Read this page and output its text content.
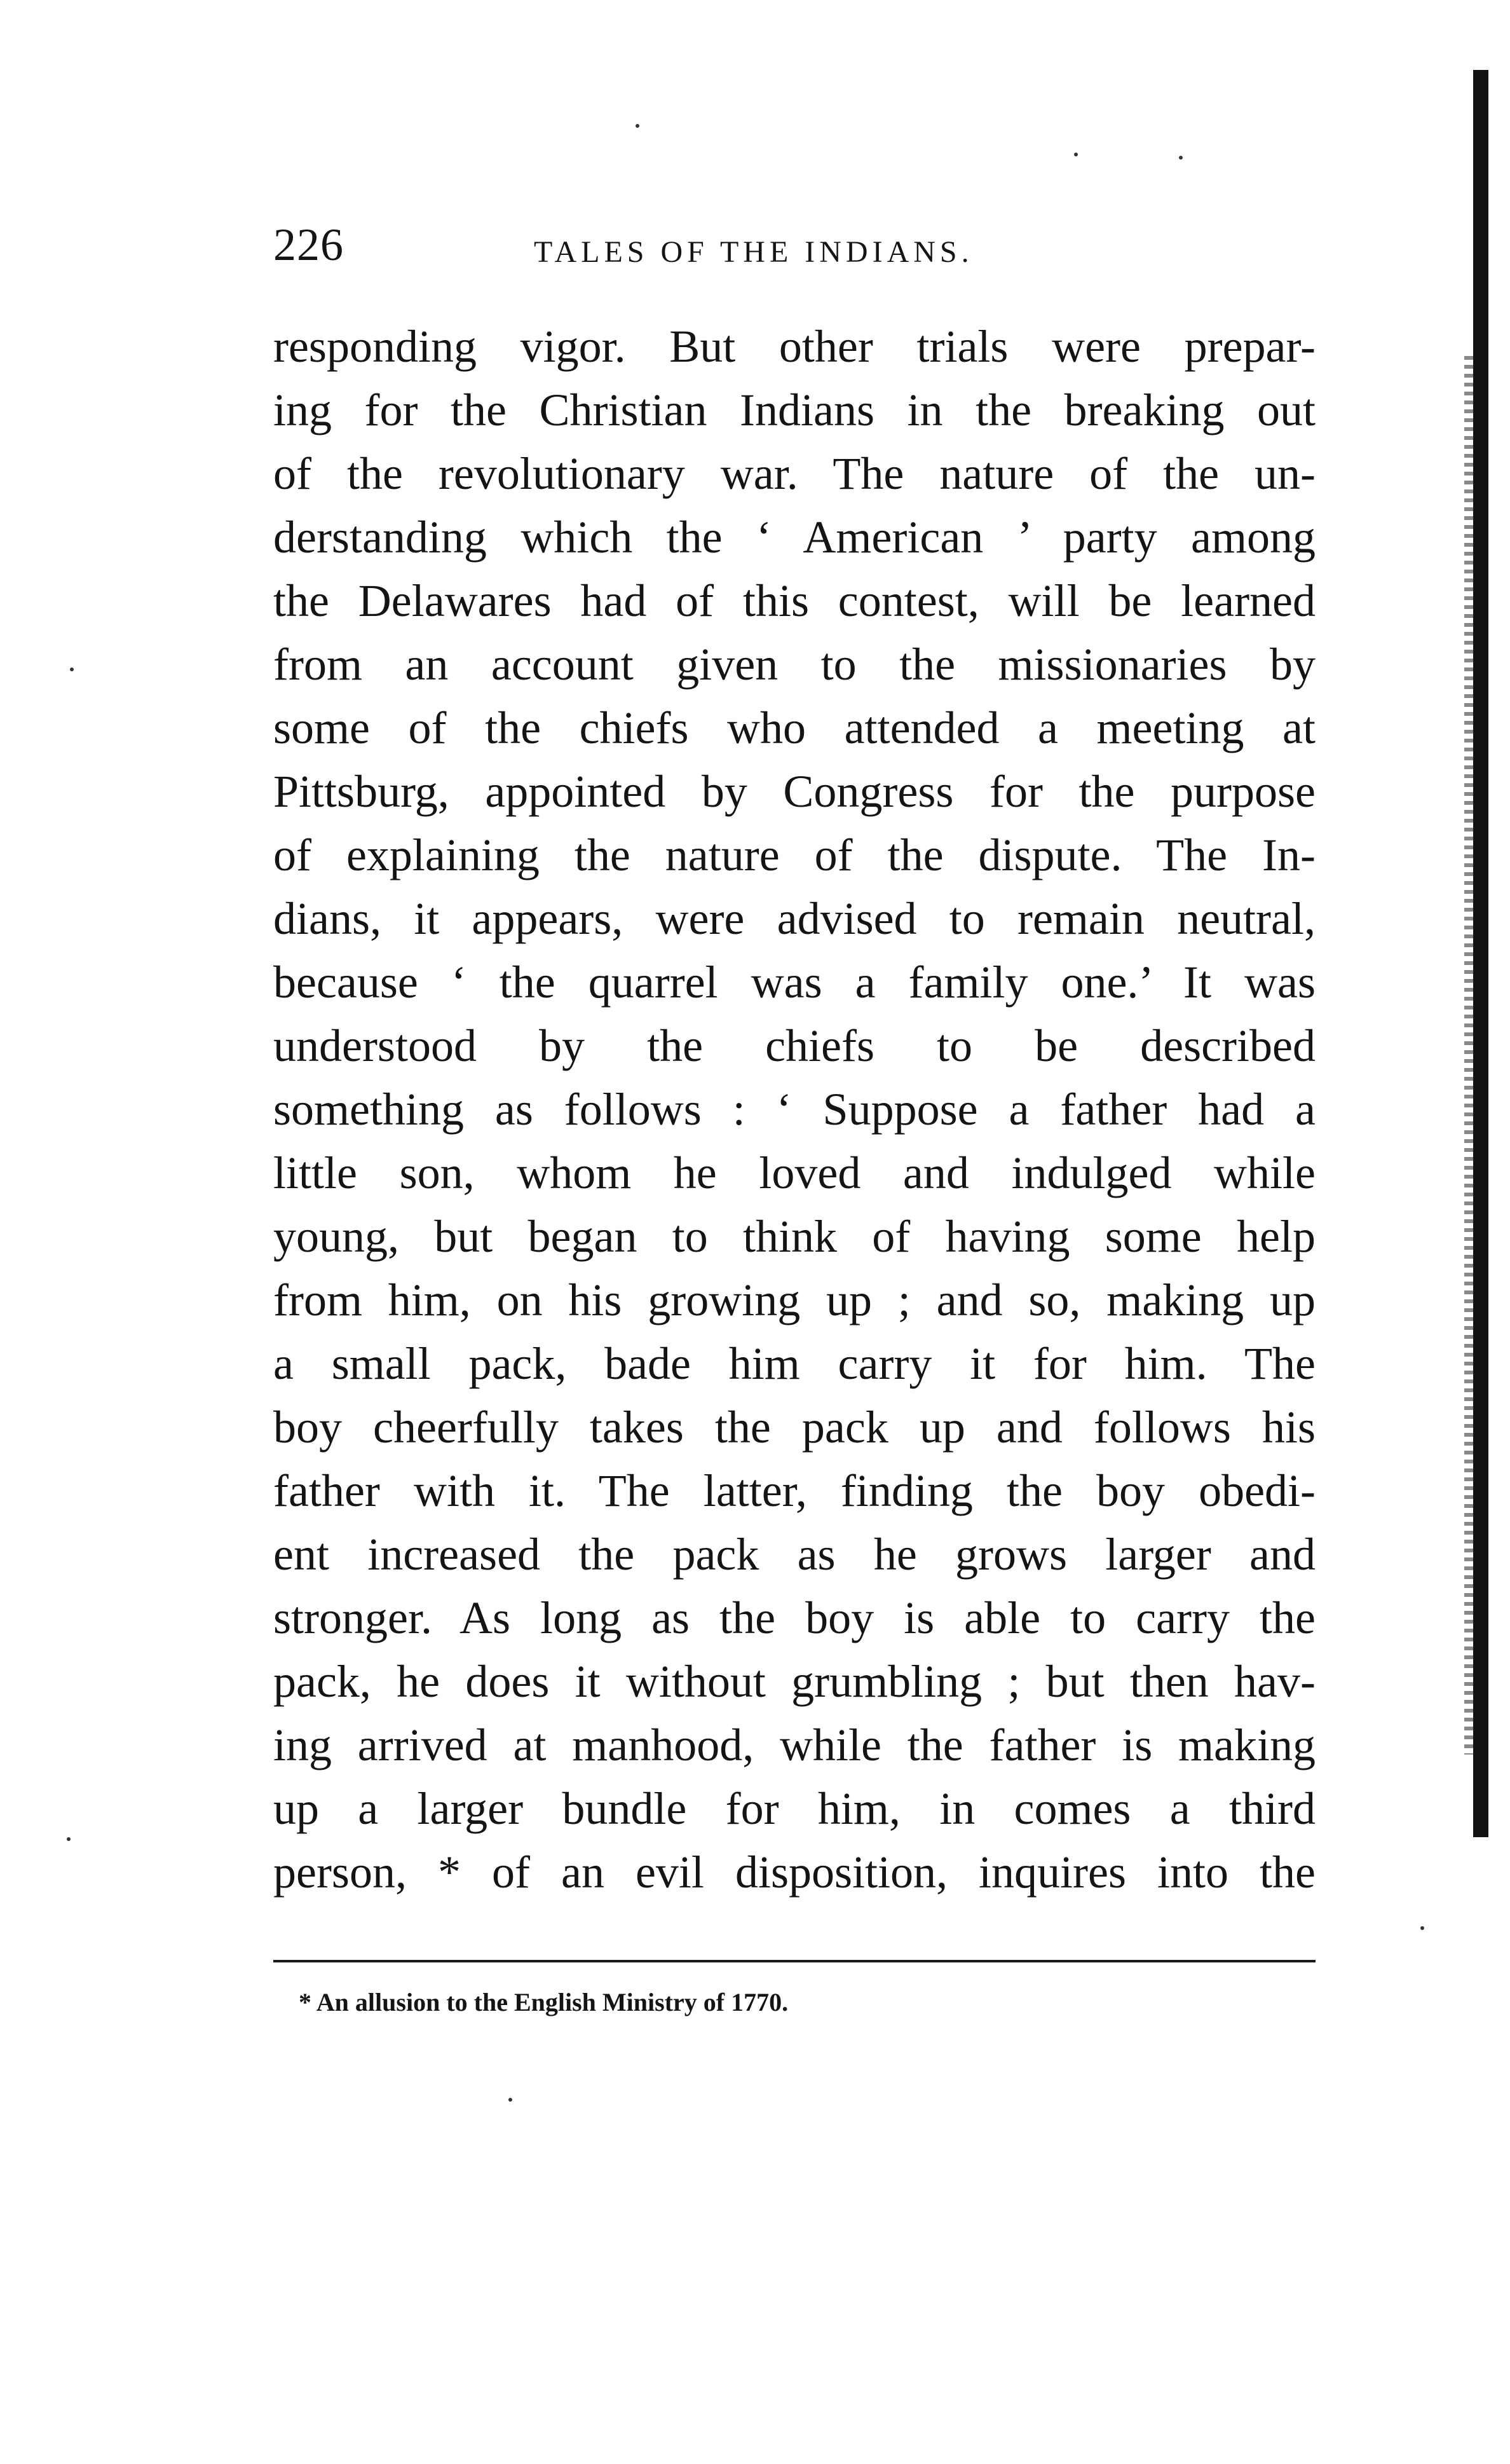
226	TALES OF THE INDIANS.
responding vigor. But other trials were prepar-
ing for the Christian Indians in the breaking out
of the revolutionary war. The nature of the un-
derstanding which the ‘ American ’ party among
the Delawares had of this contest, will be learned
from an account given to the missionaries by
some of the chiefs who attended a meeting at
Pittsburg, appointed by Congress for the purpose
of explaining the nature of the dispute. The In-
dians, it appears, were advised to remain neutral,
because ‘ the quarrel was a family one.’ It was
understood by the chiefs to be described
something as follows : ‘ Suppose a father had a
little son, whom he loved and indulged while
young, but began to think of having some help
from him, on his growing up ; and so, making up
a small pack, bade him carry it for him. The
boy cheerfully takes the pack up and follows his
father with it. The latter, finding the boy obedi-
ent increased the pack as he grows larger and
stronger. As long as the boy is able to carry the
pack, he does it without grumbling ; but then hav-
ing arrived at manhood, while the father is making
up a larger bundle for him, in comes a third
person, * of an evil disposition, inquires into the
* An allusion to the English Ministry of 1770.
